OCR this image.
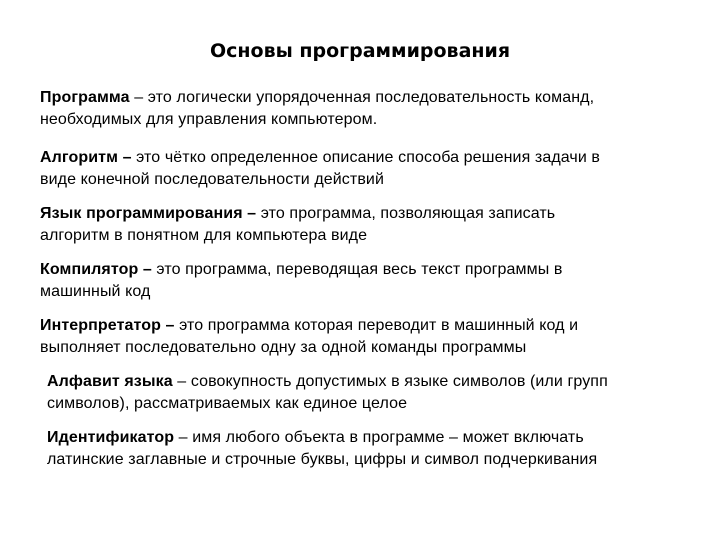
Основы программирования

Программа – это логически упорядоченная последовательность команд,
необходимых для управления компьютером.

Алгоритм – это чётко определенное описание способа решения задачи в
виде конечной последовательности действий

Язык программирования – это программа, позволяющая записать
алгоритм в понятном для компьютера виде

Компилятор – это программа, переводящая весь текст программы в
машинный код

Интерпретатор – это программа которая переводит в машинный код и
выполняет последовательно одну за одной команды программы

Алфавит языка – совокупность допустимых в языке символов (или групп
символов), рассматриваемых как единое целое

Идентификатор – имя любого объекта в программе – может включать
латинские заглавные и строчные буквы, цифры и символ подчеркивания
